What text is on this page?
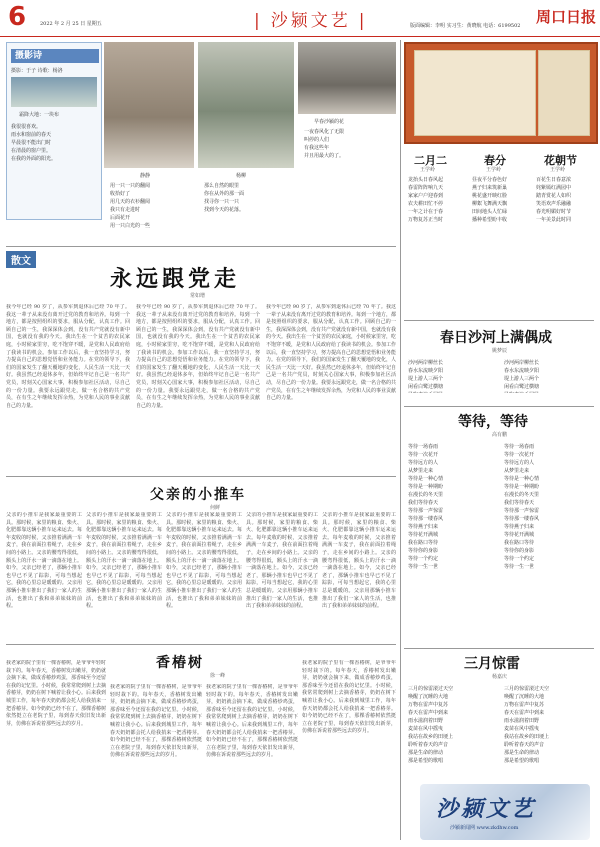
6	2022 年 2 月 25 日 星期五
|	沙颍文艺 |	版面编辑：李明 实习生：黄晓航 电话：6199502 周口日报
摄影诗
摄影：于子 诗歌：杨洛
霜降大地：一块布
我很很喜欢。
雨水和窗前的春天
早晨很不能出门时
在清晨的窗户里。
在我的外面的阳光。
静静
用一只一只的翻阅
收拾好了
用几天的衣衫翻阅
我只有走进时
后面花开
用一只白光的一些
杨柳
那么自然的眼里
你在从外的那一面
找寻你一只一只
找到今天的花落。
早春沙颍的花
一夜春风化了无限
叫停的人们
有我这些年
并且用最大的了。
散文
永远跟党走
常如增
我今年已经 90 岁了，从参军到退休后已经 70 年了。我这一辈子从来没有离开过党的教育和培养。每到一个地方，都是按照组织的要求，服从分配，认真工作。回顾自己的一生，我深深体会到，没有共产党就没有新中国，也就没有我的今天。我出生在一个贫苦的农民家庭，小时候家里穷，吃不饱穿不暖，是党和人民政府给了我读书的机会。参加工作以后，我一直坚持学习，努力提高自己的思想觉悟和业务能力。在党的领导下，我们的国家发生了翻天覆地的变化，人民生活一天比一天好。我虽然已经退休多年，但始终牢记自己是一名共产党员，时刻关心国家大事，积极参加社区活动，尽自己的一份力量。我要永远跟党走，做一名合格的共产党员，在有生之年继续发挥余热，为党和人民的事业贡献自己的力量。
我今年已经 90 岁了，从参军到退休后已经 70 年了。我这一辈子从来没有离开过党的教育和培养。每到一个地方，都是按照组织的要求，服从分配，认真工作。回顾自己的一生，我深深体会到，没有共产党就没有新中国，也就没有我的今天。我出生在一个贫苦的农民家庭，小时候家里穷，吃不饱穿不暖，是党和人民政府给了我读书的机会。参加工作以后，我一直坚持学习，努力提高自己的思想觉悟和业务能力。在党的领导下，我们的国家发生了翻天覆地的变化，人民生活一天比一天好。我虽然已经退休多年，但始终牢记自己是一名共产党员，时刻关心国家大事，积极参加社区活动，尽自己的一份力量。我要永远跟党走，做一名合格的共产党员，在有生之年继续发挥余热，为党和人民的事业贡献自己的力量。
我今年已经 90 岁了，从参军到退休后已经 70 年了。我这一辈子从来没有离开过党的教育和培养。每到一个地方，都是按照组织的要求，服从分配，认真工作。回顾自己的一生，我深深体会到，没有共产党就没有新中国，也就没有我的今天。我出生在一个贫苦的农民家庭，小时候家里穷，吃不饱穿不暖，是党和人民政府给了我读书的机会。参加工作以后，我一直坚持学习，努力提高自己的思想觉悟和业务能力。在党的领导下，我们的国家发生了翻天覆地的变化，人民生活一天比一天好。我虽然已经退休多年，但始终牢记自己是一名共产党员，时刻关心国家大事，积极参加社区活动，尽自己的一份力量。我要永远跟党走，做一名合格的共产党员，在有生之年继续发挥余热，为党和人民的事业贡献自己的力量。
父亲的小推车
何鲜
父亲的小推车是我家最重要的工具。那时候，家里的粮食、柴火、化肥都靠这辆小推车运来运去。每年麦收的时候，父亲推着满满一车麦子，我在前面拉着绳子，走在乡间的小路上。父亲的腰弯得很低，额头上的汗水一滴一滴落在地上。如今，父亲已经老了，那辆小推车也早已不见了踪影，可每当想起它，我的心里总是暖暖的。父亲用那辆小推车推出了我们一家人的生活，也推出了我和弟弟妹妹的前程。
父亲的小推车是我家最重要的工具。那时候，家里的粮食、柴火、化肥都靠这辆小推车运来运去。每年麦收的时候，父亲推着满满一车麦子，我在前面拉着绳子，走在乡间的小路上。父亲的腰弯得很低，额头上的汗水一滴一滴落在地上。如今，父亲已经老了，那辆小推车也早已不见了踪影，可每当想起它，我的心里总是暖暖的。父亲用那辆小推车推出了我们一家人的生活，也推出了我和弟弟妹妹的前程。
父亲的小推车是我家最重要的工具。那时候，家里的粮食、柴火、化肥都靠这辆小推车运来运去。每年麦收的时候，父亲推着满满一车麦子，我在前面拉着绳子，走在乡间的小路上。父亲的腰弯得很低，额头上的汗水一滴一滴落在地上。如今，父亲已经老了，那辆小推车也早已不见了踪影，可每当想起它，我的心里总是暖暖的。父亲用那辆小推车推出了我们一家人的生活，也推出了我和弟弟妹妹的前程。
父亲的小推车是我家最重要的工具。那时候，家里的粮食、柴火、化肥都靠这辆小推车运来运去。每年麦收的时候，父亲推着满满一车麦子，我在前面拉着绳子，走在乡间的小路上。父亲的腰弯得很低，额头上的汗水一滴一滴落在地上。如今，父亲已经老了，那辆小推车也早已不见了踪影，可每当想起它，我的心里总是暖暖的。父亲用那辆小推车推出了我们一家人的生活，也推出了我和弟弟妹妹的前程。
父亲的小推车是我家最重要的工具。那时候，家里的粮食、柴火、化肥都靠这辆小推车运来运去。每年麦收的时候，父亲推着满满一车麦子，我在前面拉着绳子，走在乡间的小路上。父亲的腰弯得很低，额头上的汗水一滴一滴落在地上。如今，父亲已经老了，那辆小推车也早已不见了踪影，可每当想起它，我的心里总是暖暖的。父亲用那辆小推车推出了我们一家人的生活，也推出了我和弟弟妹妹的前程。
香椿树
徐一峰
我老家的院子里有一棵香椿树，是爷爷年轻时栽下的。每年春天，香椿树发出嫩芽，奶奶就会摘下来，做成香椿炒鸡蛋，那香味至今还留在我的记忆里。小时候，我常常爬到树上去摘香椿芽，奶奶在树下喊着让我小心。后来我到城里工作，每年春天奶奶都会托人给我捎来一把香椿芽。如今奶奶已经不在了，那棵香椿树依然挺立在老院子里，每到春天依旧发出新芽，仿佛在诉说着那些远去的岁月。
我老家的院子里有一棵香椿树，是爷爷年轻时栽下的。每年春天，香椿树发出嫩芽，奶奶就会摘下来，做成香椿炒鸡蛋，那香味至今还留在我的记忆里。小时候，我常常爬到树上去摘香椿芽，奶奶在树下喊着让我小心。后来我到城里工作，每年春天奶奶都会托人给我捎来一把香椿芽。如今奶奶已经不在了，那棵香椿树依然挺立在老院子里，每到春天依旧发出新芽，仿佛在诉说着那些远去的岁月。
我老家的院子里有一棵香椿树，是爷爷年轻时栽下的。每年春天，香椿树发出嫩芽，奶奶就会摘下来，做成香椿炒鸡蛋，那香味至今还留在我的记忆里。小时候，我常常爬到树上去摘香椿芽，奶奶在树下喊着让我小心。后来我到城里工作，每年春天奶奶都会托人给我捎来一把香椿芽。如今奶奶已经不在了，那棵香椿树依然挺立在老院子里，每到春天依旧发出新芽，仿佛在诉说着那些远去的岁月。
我老家的院子里有一棵香椿树，是爷爷年轻时栽下的。每年春天，香椿树发出嫩芽，奶奶就会摘下来，做成香椿炒鸡蛋，那香味至今还留在我的记忆里。小时候，我常常爬到树上去摘香椿芽，奶奶在树下喊着让我小心。后来我到城里工作，每年春天奶奶都会托人给我捎来一把香椿芽。如今奶奶已经不在了，那棵香椿树依然挺立在老院子里，每到春天依旧发出新芽，仿佛在诉说着那些远去的岁月。
二月二
王学岭
龙抬头日春风起
春雷阵阵响九天
家家户户迎春到
农夫耕田忙不停
一年之计在于春
万物复苏正当时
春分
王学岭
昼夜平分春色好
燕子归来筑新巢
桃花盛开映红脸
柳絮飞舞满天飘
田间地头人忙碌
播种希望盼丰收
花朝节
王学岭
百花生日春意浓
姹紫嫣红满园中
踏青赏花人如织
笑语欢声乐融融
春光明媚好时节
一年美景此时同
春日沙河上满偶成
姚梦辰
沙河两岸柳丝长
春水东流映夕阳
堤上游人三两个
闲看白鹭过横塘

沙河两岸柳丝长
春水东流映夕阳
堤上游人三两个
闲看白鹭过横塘

等待，等待
高有鹏
等待一场春雨
等待一次花开
等待远方的人
从梦里走来
等待是一种心情
等待是一种期盼
在漫长的冬天里
我们等待春天
等待那一声惊雷
等待那一缕春风
等待燕子归来
等待花开满城
我在路口等待
等待你的身影
等待一个约定
等待一生一世
等待一场春雨
等待一次花开
等待远方的人
从梦里走来
等待是一种心情
等待是一种期盼
在漫长的冬天里
我们等待春天
等待那一声惊雷
等待那一缕春风
等待燕子归来
等待花开满城
我在路口等待
等待你的身影
等待一个约定
等待一生一世
三月惊雷
杨嘉庆
三月的惊雷滚过天空
唤醒了沉睡的大地
万物在雷声中复苏
春天在雷声中到来
雨水滋润着田野
麦苗在风中摇曳
我站在故乡的田埂上
聆听着春天的声音
那是生命的律动
那是希望的歌唱
三月的惊雷滚过天空
唤醒了沉睡的大地
万物在雷声中复苏
春天在雷声中到来
雨水滋润着田野
麦苗在风中摇曳
我站在故乡的田埂上
聆听着春天的声音
那是生命的律动
那是希望的歌唱
沙颍文艺
沙颍新闻网 www.zkdhw.com
